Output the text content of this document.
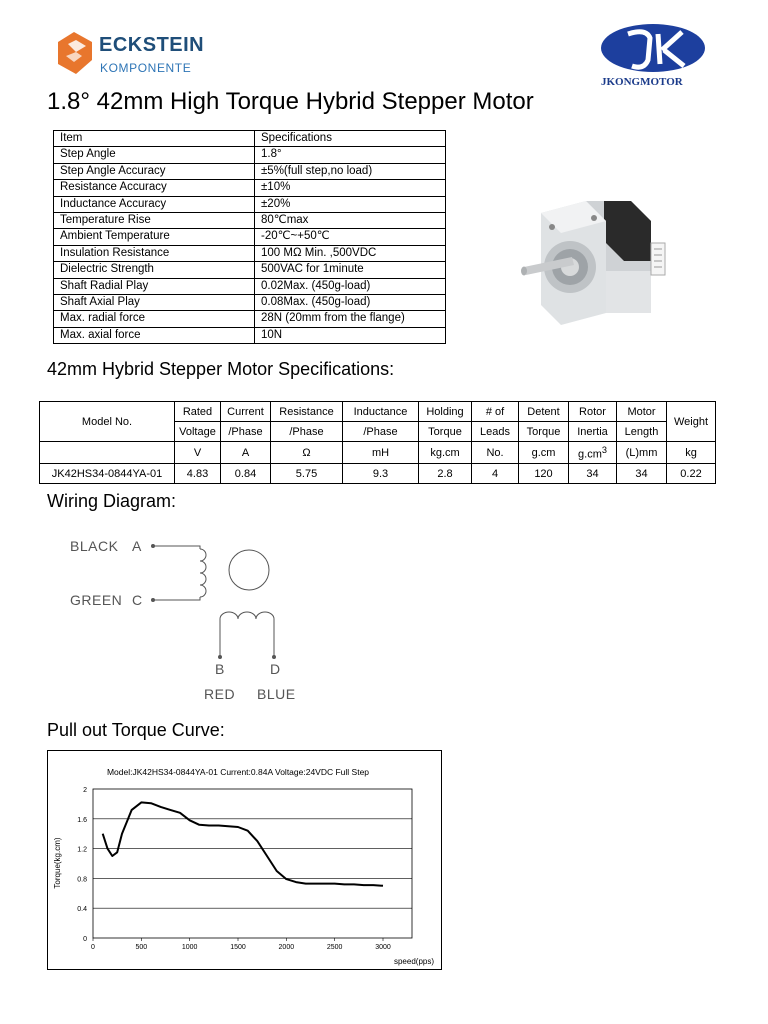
ECKSTEIN
KOMPONENTE
JKONGMOTOR
1.8° 42mm High Torque Hybrid Stepper Motor
Item	Specifications
Step Angle	1.8°
Step Angle Accuracy	±5%(full step,no load)
Resistance Accuracy	±10%
Inductance Accuracy	±20%
Temperature Rise	80℃max
Ambient Temperature	-20℃~+50℃
Insulation Resistance	100 MΩ Min. ,500VDC
Dielectric Strength	500VAC for 1minute
Shaft Radial Play	0.02Max. (450g-load)
Shaft Axial Play	0.08Max. (450g-load)
Max. radial force	28N (20mm from the flange)
Max. axial force	10N
42mm Hybrid Stepper Motor Specifications:
Model No.	Rated	Current	Resistance	Inductance	Holding	# of	Detent	Rotor	Motor	Weight
	Voltage	/Phase	/Phase	/Phase	Torque	Leads	Torque	Inertia	Length	
	V	A	Ω	mH	kg.cm	No.	g.cm	$g.cm^3$	(L)mm	kg
JK42HS34-0844YA-01	4.83	0.84	5.75	9.3	2.8	4	120	34	34	0.22
Wiring Diagram:
BLACK A
GREEN C
B	D
RED BLUE
Pull out Torque Curve:
Model:JK42HS34-0844YA-01 Current:0.84A Voltage:24VDC Full Step
0
0.4
0.8
1.2
1.6
2
0	500	1000	1500	2000	2500	3000
speed(pps)
Torque(kg.cm)
